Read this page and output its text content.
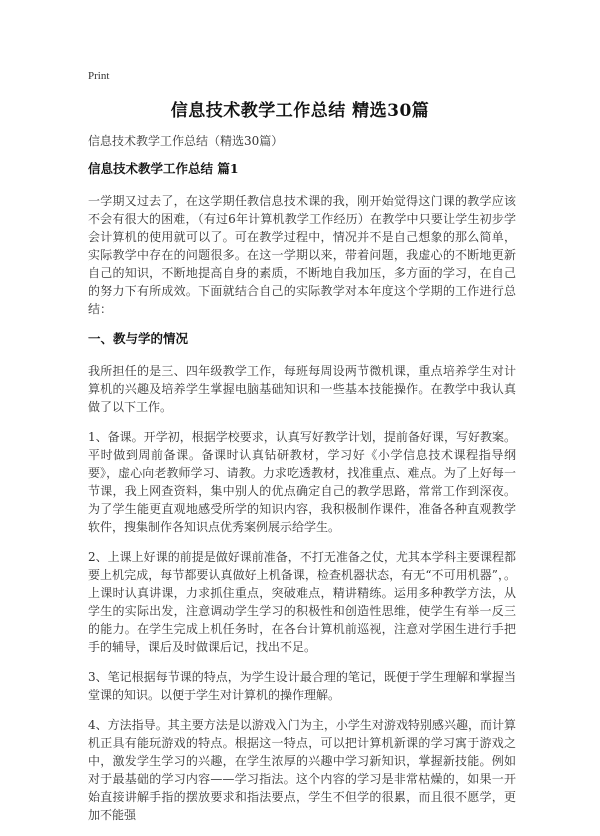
Print
信息技术教学工作总结 精选30篇
信息技术教学工作总结（精选30篇）
信息技术教学工作总结 篇1

一学期又过去了，在这学期任教信息技术课的我，刚开始觉得这门课的教学应该不会有很大的困难，（有过6年计算机教学工作经历）在教学中只要让学生初步学会计算机的使用就可以了。可在教学过程中，情况并不是自己想象的那么简单，实际教学中存在的问题很多。在这一学期以来，带着问题，我虚心的不断地更新自己的知识，不断地提高自身的素质，不断地自我加压，多方面的学习，在自己的努力下有所成效。下面就结合自己的实际教学对本年度这个学期的工作进行总结：

一、教与学的情况

我所担任的是三、四年级教学工作，每班每周设两节微机课，重点培养学生对计算机的兴趣及培养学生掌握电脑基础知识和一些基本技能操作。在教学中我认真做了以下工作。

1、备课。开学初，根据学校要求，认真写好教学计划，提前备好课，写好教案。平时做到周前备课。备课时认真钻研教材，学习好《小学信息技术课程指导纲要》，虚心向老教师学习、请教。力求吃透教材，找准重点、难点。为了上好每一节课，我上网查资料，集中别人的优点确定自己的教学思路，常常工作到深夜。为了学生能更直观地感受所学的知识内容，我积极制作课件，准备各种直观教学软件，搜集制作各知识点优秀案例展示给学生。

2、上课上好课的前提是做好课前准备，不打无准备之仗，尤其本学科主要课程都要上机完成，每节都要认真做好上机备课，检查机器状态，有无“不可用机器”，。上课时认真讲课，力求抓住重点，突破难点，精讲精练。运用多种教学方法，从学生的实际出发，注意调动学生学习的积极性和创造性思维，使学生有举一反三的能力。在学生完成上机任务时，在各台计算机前巡视，注意对学困生进行手把手的辅导，课后及时做课后记，找出不足。

3、笔记根据每节课的特点，为学生设计最合理的笔记，既便于学生理解和掌握当堂课的知识。以便于学生对计算机的操作理解。

4、方法指导。其主要方法是以游戏入门为主，小学生对游戏特别感兴趣，而计算机正具有能玩游戏的特点。根据这一特点，可以把计算机新课的学习寓于游戏之中，激发学生学习的兴趣，在学生浓厚的兴趣中学习新知识，掌握新技能。例如对于最基础的学习内容——学习指法。这个内容的学习是非常枯燥的，如果一开始直接讲解手指的摆放要求和指法要点，学生不但学的很累，而且很不愿学，更加不能强
